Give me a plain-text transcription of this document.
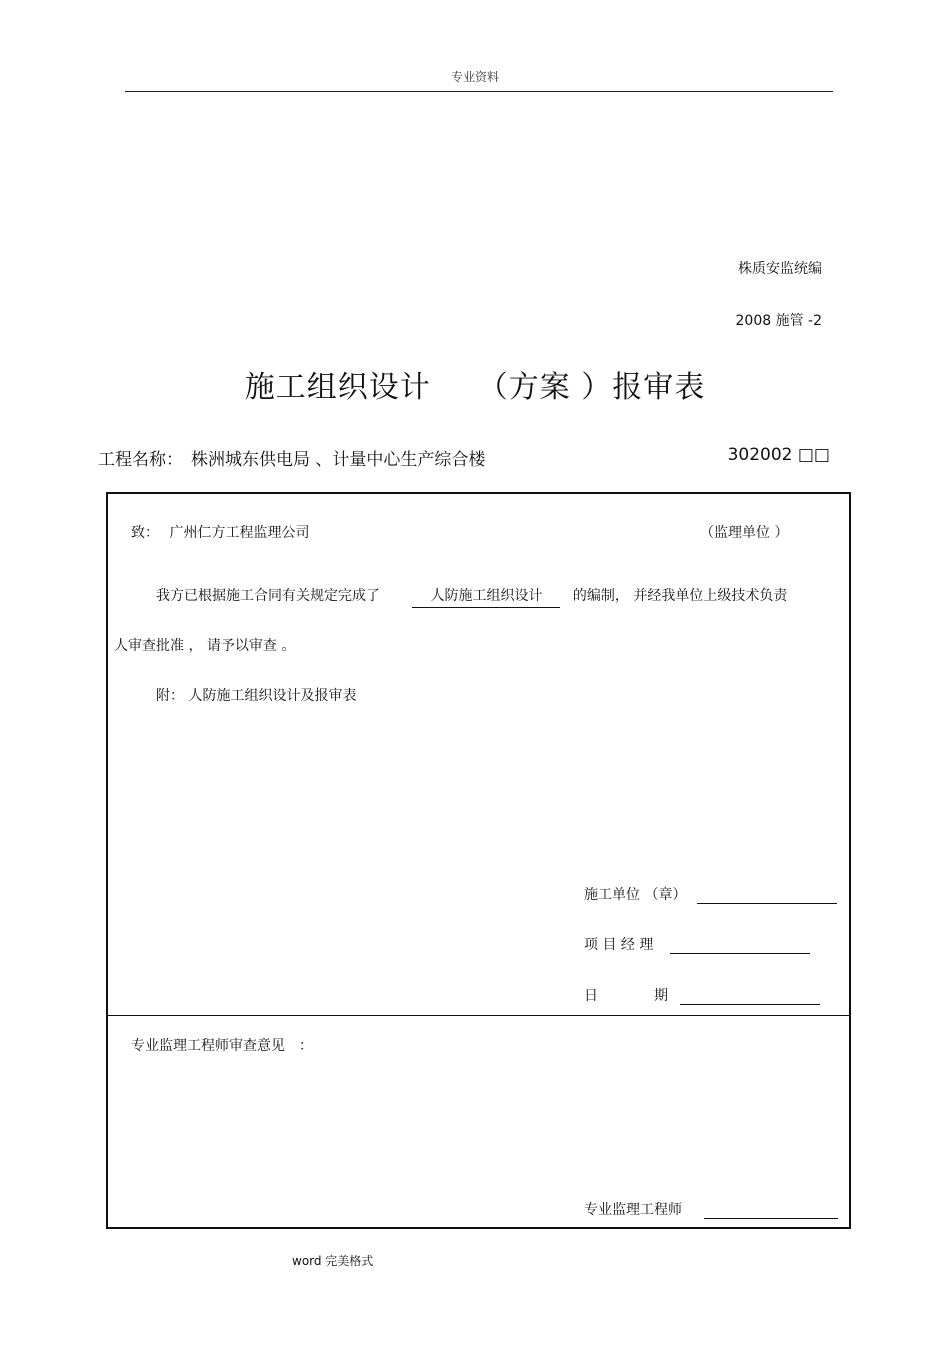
专业资料
株质安监统编
2008 施管 -2
施工组织设计　　（方案 ）报审表
工程名称： 株洲城东供电局 、计量中心生产综合楼	302002 □□
致： 广州仁方工程监理公司	（监理单位 ）
我方已根据施工合同有关规定完成了	人防施工组织设计 的编制， 并经我单位上级技术负责
人审查批准 ， 请予以审查 。
附： 人防施工组织设计及报审表
施工单位 （章）
项 目 经 理
日　　　　期
专业监理工程师审查意见　：
专业监理工程师
word 完美格式
